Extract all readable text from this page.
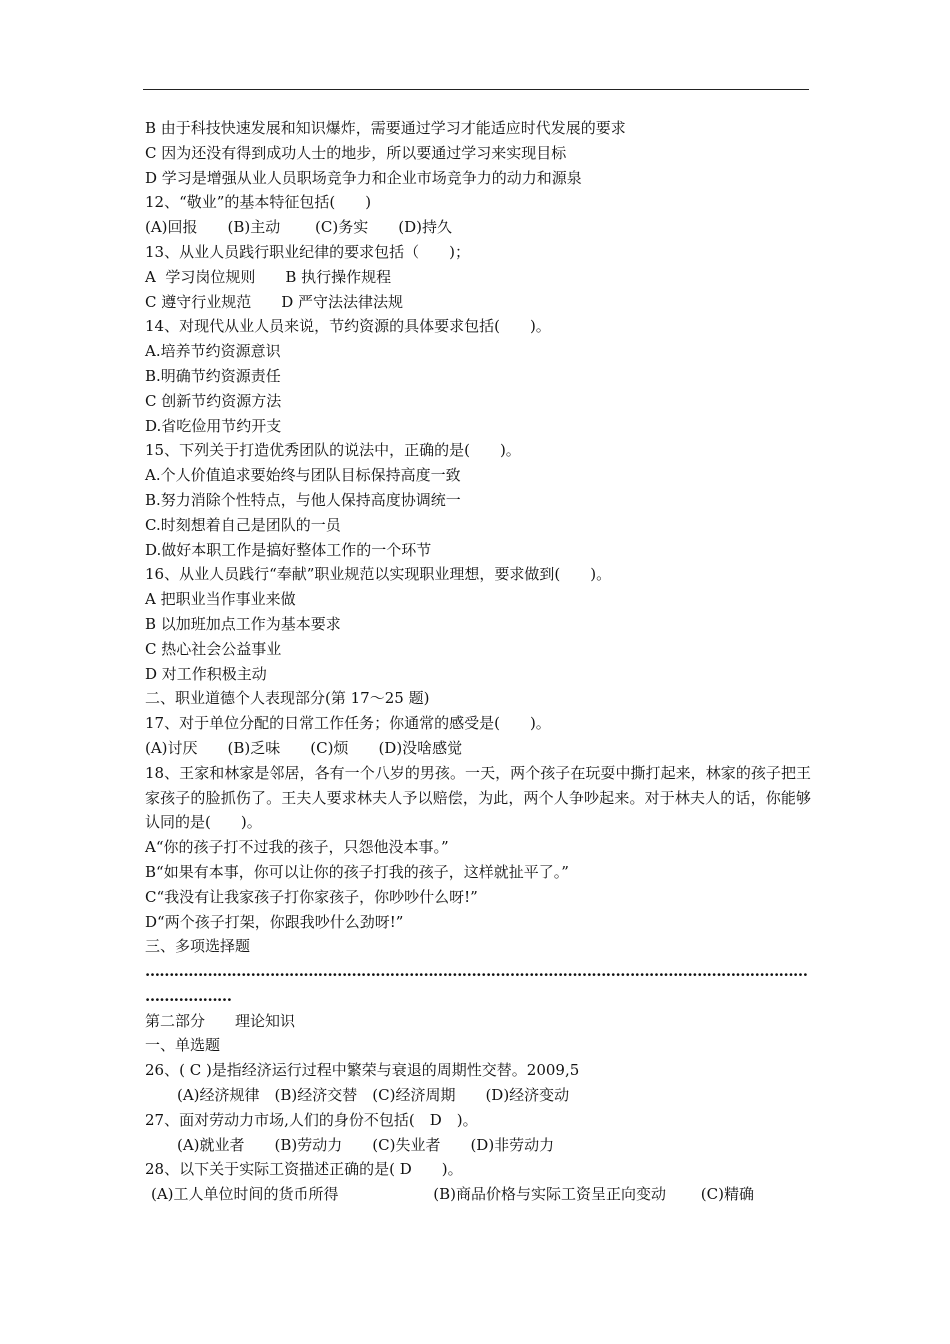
B 由于科技快速发展和知识爆炸，需要通过学习才能适应时代发展的要求
C 因为还没有得到成功人士的地步，所以要通过学习来实现目标
D 学习是增强从业人员职场竞争力和企业市场竞争力的动力和源泉
12、“敬业”的基本特征包括(　　)
(A)回报　　(B)主动　　 (C)务实　　(D)持久
13、从业人员践行职业纪律的要求包括（　　)；
A  学习岗位规则　　B 执行操作规程
C 遵守行业规范　　D 严守法法律法规
14、对现代从业人员来说，节约资源的具体要求包括(　　)。
A.培养节约资源意识
B.明确节约资源责任
C 创新节约资源方法
D.省吃俭用节约开支
15、下列关于打造优秀团队的说法中，正确的是(　　)。
A.个人价值追求要始终与团队目标保持高度一致
B.努力消除个性特点，与他人保持高度协调统一
C.时刻想着自己是团队的一员
D.做好本职工作是搞好整体工作的一个环节
16、从业人员践行“奉献”职业规范以实现职业理想，要求做到(　　)。
A 把职业当作事业来做
B 以加班加点工作为基本要求
C 热心社会公益事业
D 对工作积极主动
二、职业道德个人表现部分(第 17～25 题)
17、对于单位分配的日常工作任务；你通常的感受是(　　)。
(A)讨厌　　(B)乏味　　(C)烦　　(D)没啥感觉
18、王家和林家是邻居，各有一个八岁的男孩。一天，两个孩子在玩耍中撕打起来，林家的孩子把王家孩子的脸抓伤了。王夫人要求林夫人予以赔偿，为此，两个人争吵起来。对于林夫人的话，你能够认同的是(　　)。
A“你的孩子打不过我的孩子，只怨他没本事。”
B“如果有本事，你可以让你的孩子打我的孩子，这样就扯平了。”
C“我没有让我家孩子打你家孩子，你吵吵什么呀!”
D“两个孩子打架，你跟我吵什么劲呀!”
三、多项选择题
…………………………………………………………………………………………………………………………
………………
第二部分　　理论知识
一、单选题
26、( C )是指经济运行过程中繁荣与衰退的周期性交替。2009,5
(A)经济规律　(B)经济交替　(C)经济周期　　(D)经济变动
27、面对劳动力市场,人们的身份不包括(　D　)。
(A)就业者　　(B)劳动力　　(C)失业者　　(D)非劳动力
28、以下关于实际工资描述正确的是( D　　)。
(A)工人单位时间的货币所得　　　　　　 (B)商品价格与实际工资呈正向变动　　 (C)精确
